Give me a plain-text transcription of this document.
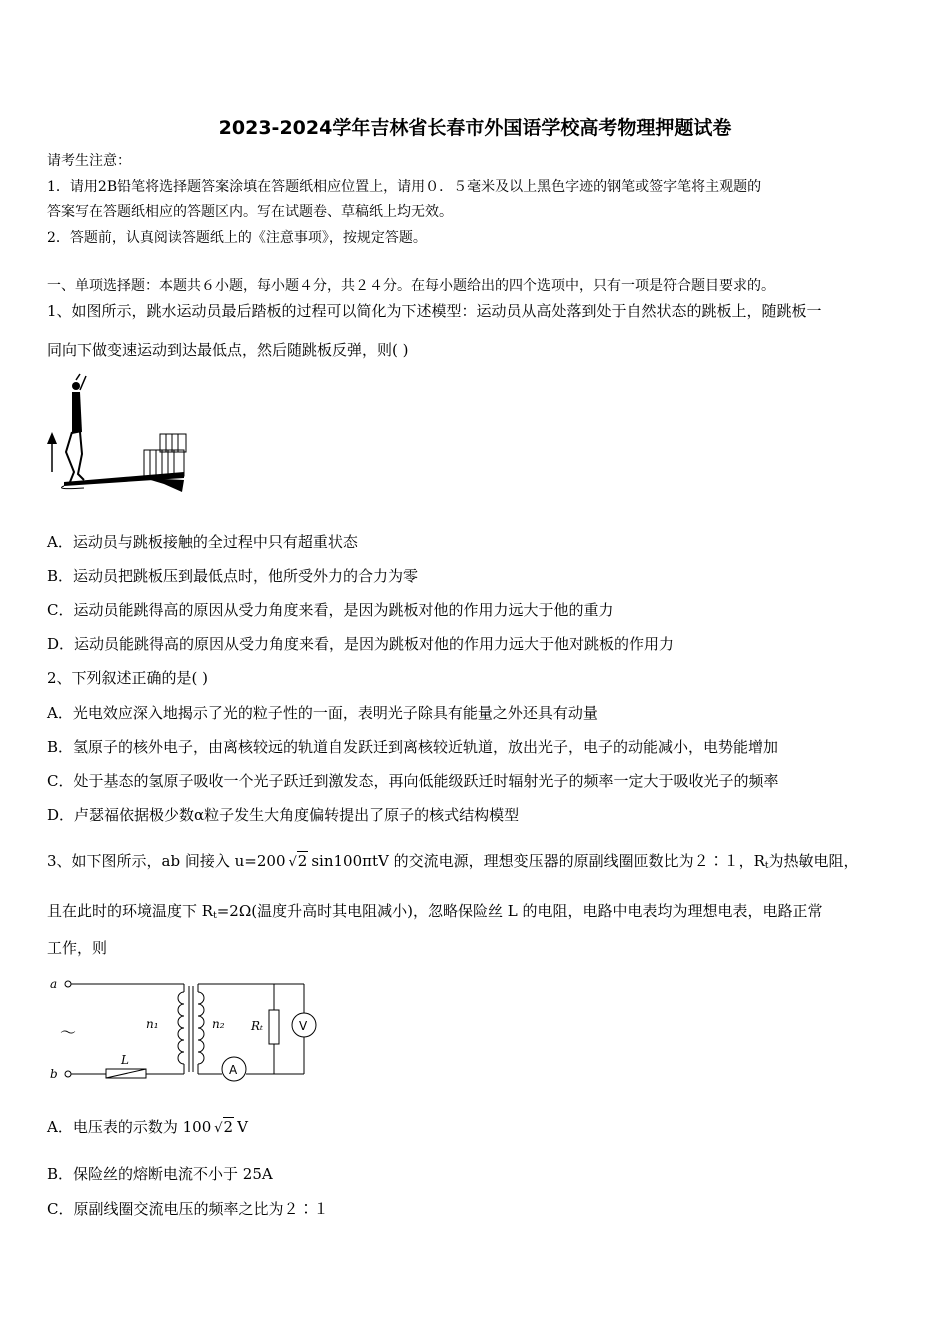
2023-2024学年吉林省长春市外国语学校高考物理押题试卷
请考生注意：
1．请用2B铅笔将选择题答案涂填在答题纸相应位置上，请用０．５毫米及以上黑色字迹的钢笔或签字笔将主观题的
答案写在答题纸相应的答题区内。写在试题卷、草稿纸上均无效。
2．答题前，认真阅读答题纸上的《注意事项》，按规定答题。
一、单项选择题：本题共６小题，每小题４分，共２４分。在每小题给出的四个选项中，只有一项是符合题目要求的。
1、如图所示，跳水运动员最后踏板的过程可以简化为下述模型：运动员从高处落到处于自然状态的跳板上，随跳板一
同向下做变速运动到达最低点，然后随跳板反弹，则( )
A．运动员与跳板接触的全过程中只有超重状态
B．运动员把跳板压到最低点时，他所受外力的合力为零
C．运动员能跳得高的原因从受力角度来看，是因为跳板对他的作用力远大于他的重力
D．运动员能跳得高的原因从受力角度来看，是因为跳板对他的作用力远大于他对跳板的作用力
2、下列叙述正确的是( )
A．光电效应深入地揭示了光的粒子性的一面，表明光子除具有能量之外还具有动量
B．氢原子的核外电子，由离核较远的轨道自发跃迁到离核较近轨道，放出光子，电子的动能减小，电势能增加
C．处于基态的氢原子吸收一个光子跃迁到激发态，再向低能级跃迁时辐射光子的频率一定大于吸收光子的频率
D．卢瑟福依据极少数α粒子发生大角度偏转提出了原子的核式结构模型
3、如下图所示，ab 间接入 u=200 √2 sin100πtV 的交流电源，理想变压器的原副线圈匝数比为２∶１，$R_t$为热敏电阻，
且在此时的环境温度下 $R_t=2\Omega$(温度升高时其电阻减小)，忽略保险丝 L 的电阻，电路中电表均为理想电表，电路正常
工作，则
a
b
n₁	n₂ Rₜ
L
～
A
V
A．电压表的示数为 100 √2 V
B．保险丝的熔断电流不小于 25A
C．原副线圈交流电压的频率之比为２∶１
